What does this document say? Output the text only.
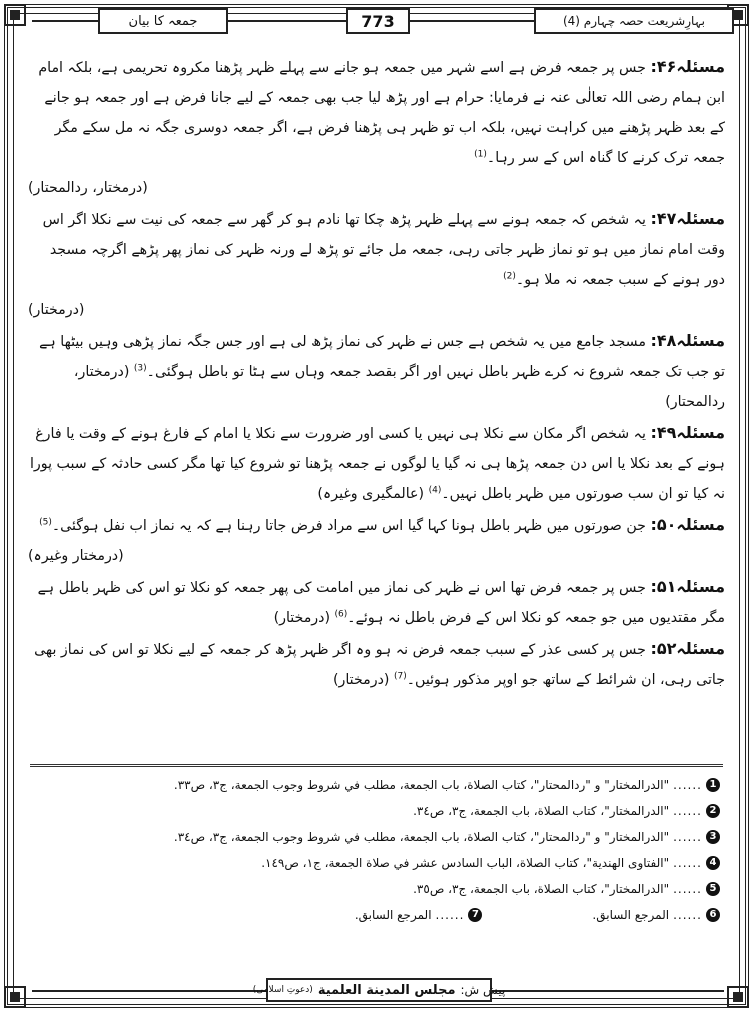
جمعہ کا بیان	773	بہارِشریعت حصہ چہارم (4)

مسئلہ۴۶: جس پر جمعہ فرض ہے اسے شہر میں جمعہ ہو جانے سے پہلے ظہر پڑھنا مکروہ تحریمی ہے، بلکہ امام ابن ہمام رضی اللہ تعالٰی عنہ نے فرمایا: حرام ہے اور پڑھ لیا جب بھی جمعہ کے لیے جانا فرض ہے اور جمعہ ہو جانے کے بعد ظہر پڑھنے میں کراہت نہیں، بلکہ اب تو ظہر ہی پڑھنا فرض ہے، اگر جمعہ دوسری جگہ نہ مل سکے مگر جمعہ ترک کرنے کا گناہ اس کے سر رہا۔$^{(1)}$
(درمختار، ردالمحتار)

مسئلہ۴۷: یہ شخص کہ جمعہ ہونے سے پہلے ظہر پڑھ چکا تھا نادم ہو کر گھر سے جمعہ کی نیت سے نکلا اگر اس وقت امام نماز میں ہو تو نماز ظہر جاتی رہی، جمعہ مل جائے تو پڑھ لے ورنہ ظہر کی نماز پھر پڑھے اگرچہ مسجد دور ہونے کے سبب جمعہ نہ ملا ہو۔$^{(2)}$
(درمختار)

مسئلہ۴۸: مسجد جامع میں یہ شخص ہے جس نے ظہر کی نماز پڑھ لی ہے اور جس جگہ نماز پڑھی وہیں بیٹھا ہے تو جب تک جمعہ شروع نہ کرے ظہر باطل نہیں اور اگر بقصد جمعہ وہاں سے ہٹا تو باطل ہوگئی۔$^{(3)}$ (درمختار، ردالمحتار)

مسئلہ۴۹: یہ شخص اگر مکان سے نکلا ہی نہیں یا کسی اور ضرورت سے نکلا یا امام کے فارغ ہونے کے وقت یا فارغ ہونے کے بعد نکلا یا اس دن جمعہ پڑھا ہی نہ گیا یا لوگوں نے جمعہ پڑھنا تو شروع کیا تھا مگر کسی حادثہ کے سبب پورا نہ کیا تو ان سب صورتوں میں ظہر باطل نہیں۔$^{(4)}$ (عالمگیری وغیرہ)

مسئلہ۵۰: جن صورتوں میں ظہر باطل ہونا کہا گیا اس سے مراد فرض جاتا رہنا ہے کہ یہ نماز اب نفل ہوگئی۔$^{(5)}$
(درمختار وغیرہ)

مسئلہ۵۱: جس پر جمعہ فرض تھا اس نے ظہر کی نماز میں امامت کی پھر جمعہ کو نکلا تو اس کی ظہر باطل ہے مگر مقتدیوں میں جو جمعہ کو نکلا اس کے فرض باطل نہ ہوئے۔$^{(6)}$ (درمختار)

مسئلہ۵۲: جس پر کسی عذر کے سبب جمعہ فرض نہ ہو وہ اگر ظہر پڑھ کر جمعہ کے لیے نکلا تو اس کی نماز بھی جاتی رہی، ان شرائط کے ساتھ جو اوپر مذکور ہوئیں۔$^{(7)}$ (درمختار)

1
......
"الدرالمختار" و "ردالمحتار"، كتاب الصلاة، باب الجمعة، مطلب في شروط وجوب الجمعة، ج٣، ص٣٣.
2
......
"الدرالمختار"، كتاب الصلاة، باب الجمعة، ج٣، ص٣٤.
3
......
"الدرالمختار" و "ردالمحتار"، كتاب الصلاة، باب الجمعة، مطلب في شروط وجوب الجمعة، ج٣، ص٣٤.
4
......
"الفتاوى الهندية"، كتاب الصلاة، الباب السادس عشر في صلاة الجمعة، ج١، ص١٤٩.
5
......
"الدرالمختار"، كتاب الصلاة، باب الجمعة، ج٣، ص٣٥.
6
......
المرجع السابق.
7
......
المرجع السابق.
پیش ش:
مجلس المدینة العلمیة
(دعوتِ اسلامی)
